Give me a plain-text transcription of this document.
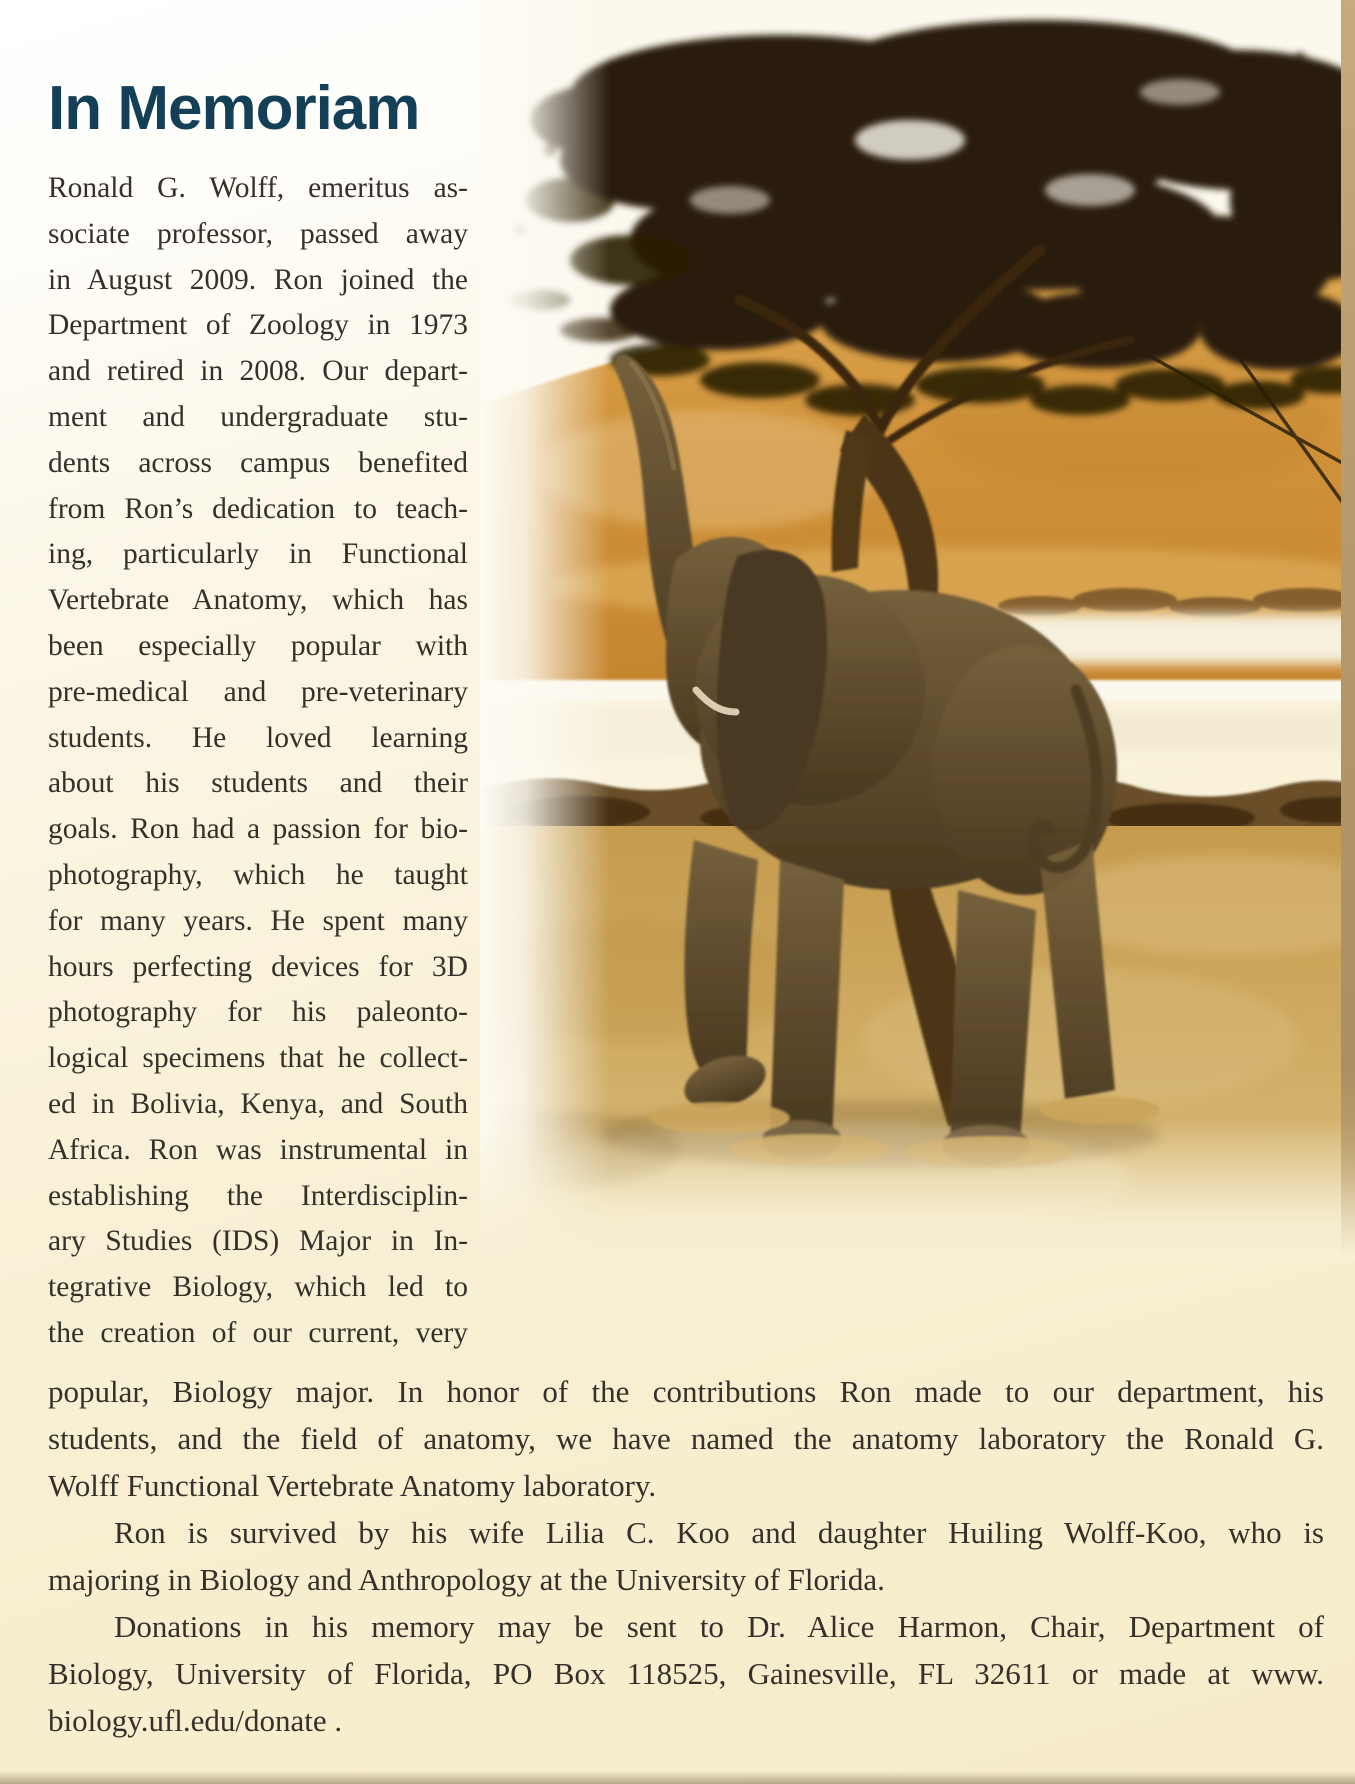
In Memoriam
Ronald G. Wolff, emeritus as-
sociate professor, passed away
in August 2009. Ron joined the
Department of Zoology in 1973
and retired in 2008. Our depart-
ment and undergraduate stu-
dents across campus benefited
from Ron’s dedication to teach-
ing, particularly in Functional
Vertebrate Anatomy, which has
been especially popular with
pre-medical and pre-veterinary
students. He loved learning
about his students and their
goals. Ron had a passion for bio-
photography, which he taught
for many years. He spent many
hours perfecting devices for 3D
photography for his paleonto-
logical specimens that he collect-
ed in Bolivia, Kenya, and South
Africa. Ron was instrumental in
establishing the Interdisciplin-
ary Studies (IDS) Major in In-
tegrative Biology, which led to
the creation of our current, very
popular, Biology major. In honor of the contributions Ron made to our department, his
students, and the field of anatomy, we have named the anatomy laboratory the Ronald G.
Wolff Functional Vertebrate Anatomy laboratory.
Ron is survived by his wife Lilia C. Koo and daughter Huiling Wolff-Koo, who is
majoring in Biology and Anthropology at the University of Florida.
Donations in his memory may be sent to Dr. Alice Harmon, Chair, Department of
Biology, University of Florida, PO Box 118525, Gainesville, FL 32611 or made at www.
biology.ufl.edu/donate .
